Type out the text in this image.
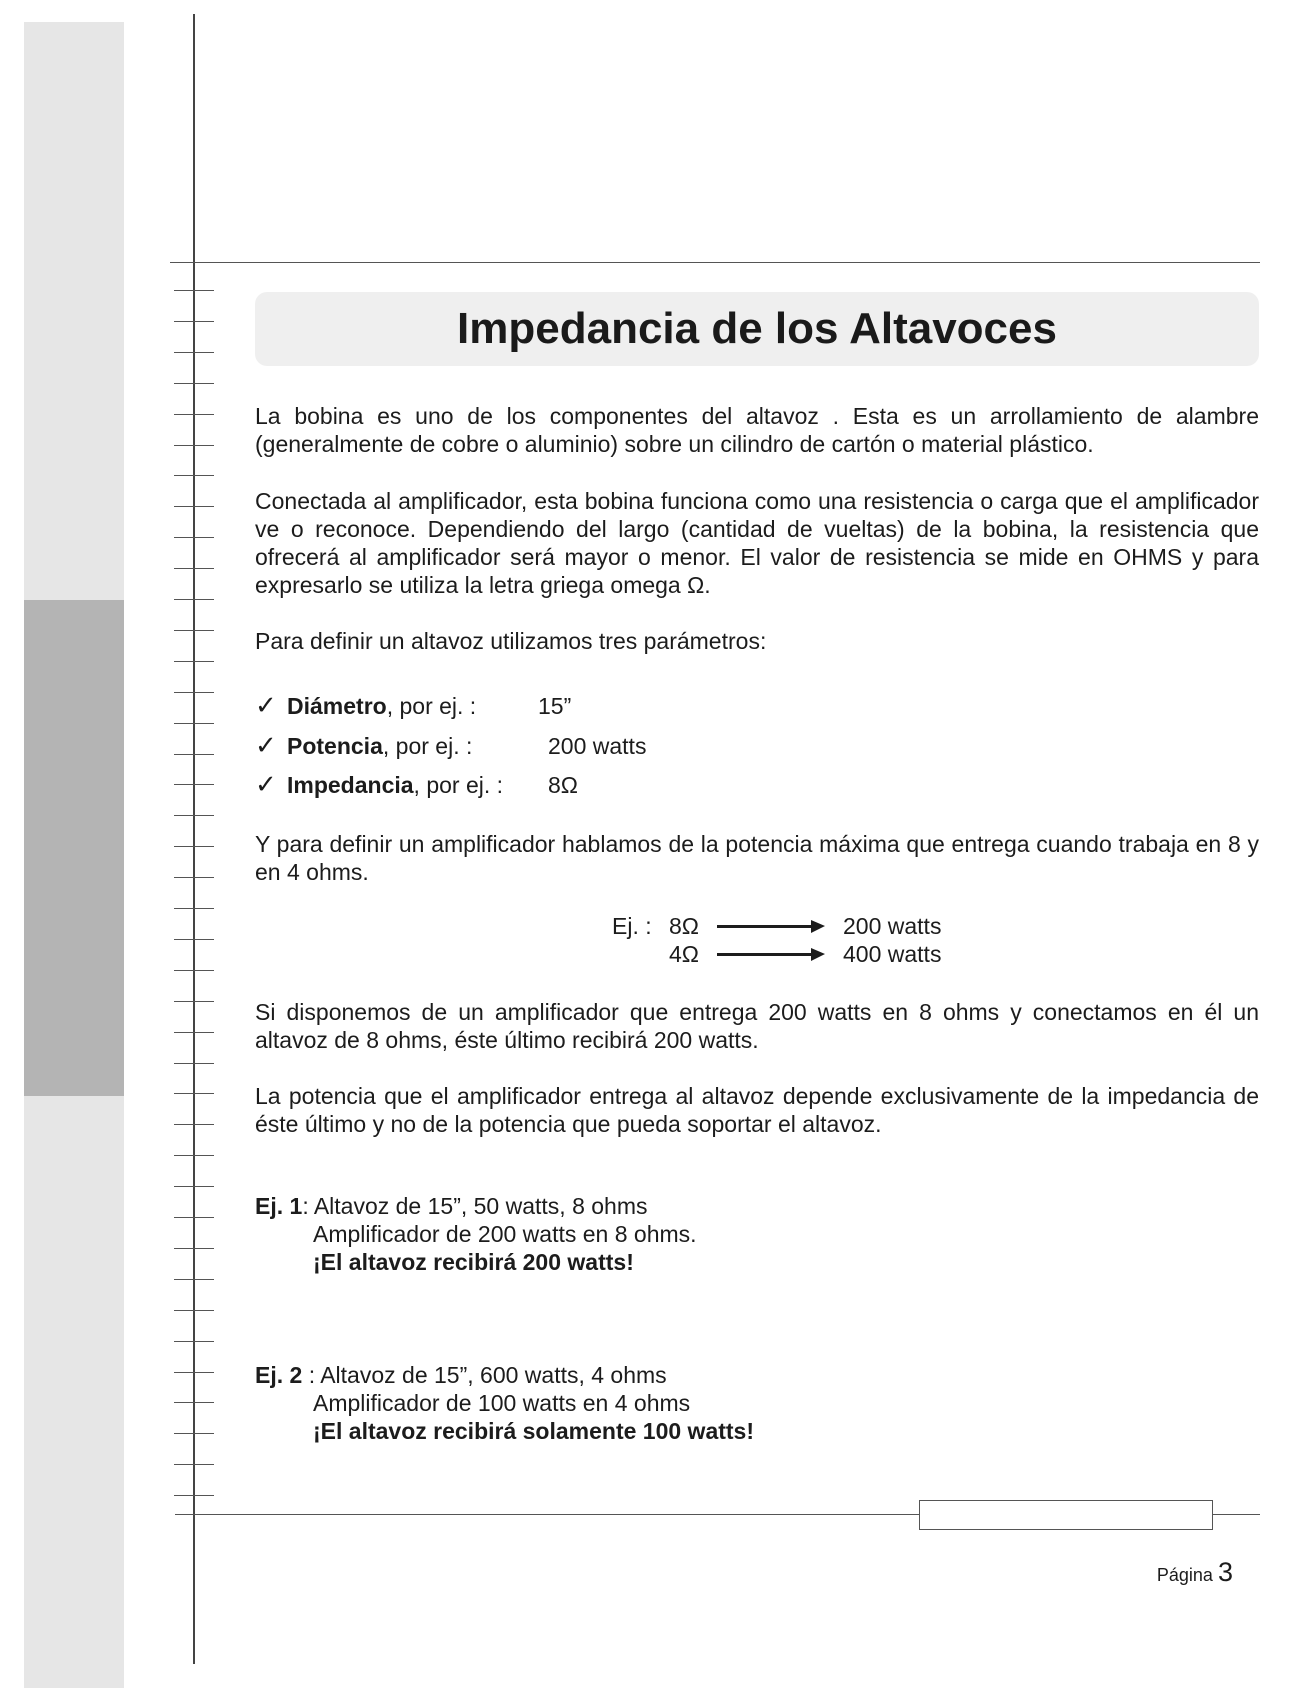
Impedancia de los Altavoces

La bobina es uno de los componentes del altavoz . Esta es un arrollamiento de alambre (generalmente de cobre o aluminio) sobre un cilindro de cartón o material plástico.

Conectada al amplificador, esta bobina funciona como una resistencia o carga que el amplificador ve o reconoce. Dependiendo del largo (cantidad de vueltas) de la bobina, la resistencia que ofrecerá al amplificador será mayor o menor. El valor de resistencia se mide en OHMS y para expresarlo se utiliza la letra griega omega Ω.

Para definir un altavoz utilizamos tres parámetros:

✓ Diámetro, por ej. :	15”
✓ Potencia, por ej. :	200 watts
✓ Impedancia, por ej. : 8Ω

Y para definir un amplificador hablamos de la potencia máxima que entrega cuando trabaja en 8 y en 4 ohms.

Ej. : 8Ω	200 watts
4Ω	400 watts

Si disponemos de un amplificador que entrega 200 watts en 8 ohms y conectamos en él un altavoz de 8 ohms, éste último recibirá 200 watts.

La potencia que el amplificador entrega al altavoz depende exclusivamente de la impedancia de éste último y no de la potencia que pueda soportar el altavoz.

Ej. 1: Altavoz de 15”, 50 watts, 8 ohms
Amplificador de 200 watts en 8 ohms.
¡El altavoz recibirá 200 watts!
Ej. 2 : Altavoz de 15”, 600 watts, 4 ohms
Amplificador de 100 watts en 4 ohms
¡El altavoz recibirá solamente 100 watts!
Página 3
